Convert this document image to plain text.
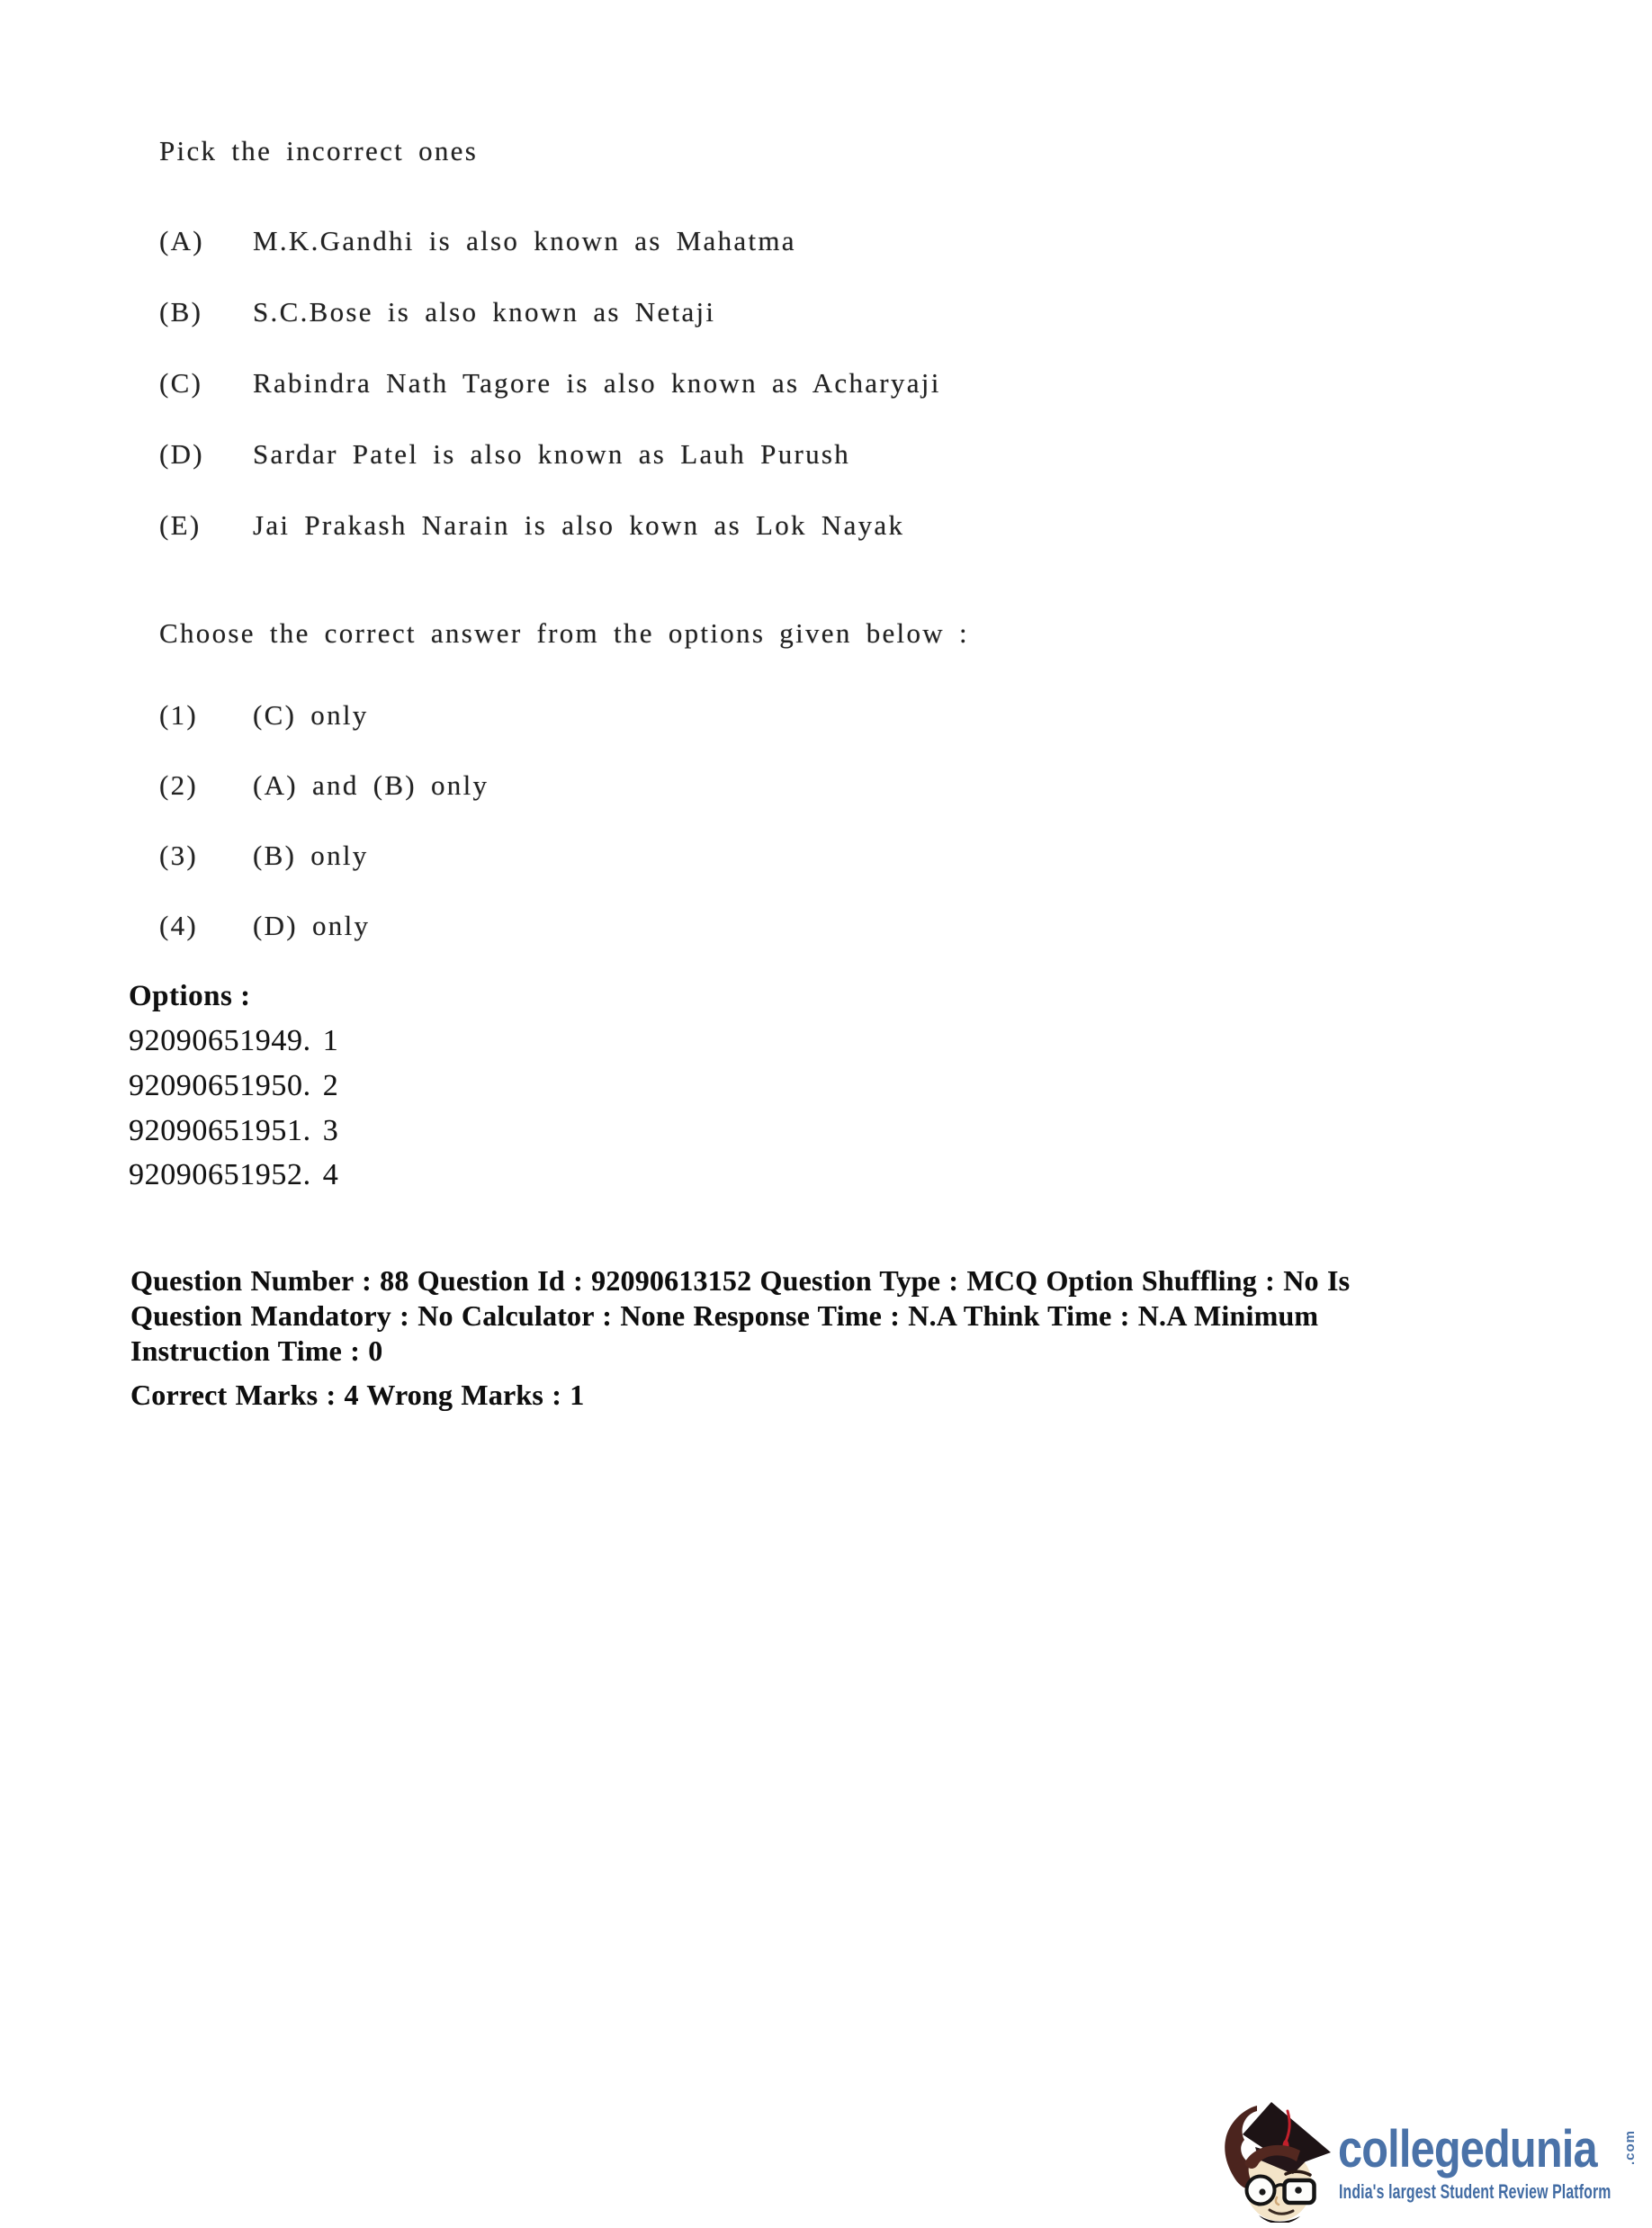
Pick the incorrect ones
(A)	M.K.Gandhi is also known as Mahatma
(B)	S.C.Bose is also known as Netaji
(C)	Rabindra Nath Tagore is also known as Acharyaji
(D)	Sardar Patel is also known as Lauh Purush
(E)	Jai Prakash Narain is also kown as Lok Nayak
Choose the correct answer from the options given below :
(1)	(C) only
(2)	(A) and (B) only
(3)	(B) only
(4)	(D) only
Options :
92090651949. 1
92090651950. 2
92090651951. 3
92090651952. 4
Question Number : 88 Question Id : 92090613152 Question Type : MCQ Option Shuffling : No Is
Question Mandatory : No Calculator : None Response Time : N.A Think Time : N.A Minimum
Instruction Time : 0
Correct Marks : 4 Wrong Marks : 1
collegedunia .com
India's largest Student Review Platform
